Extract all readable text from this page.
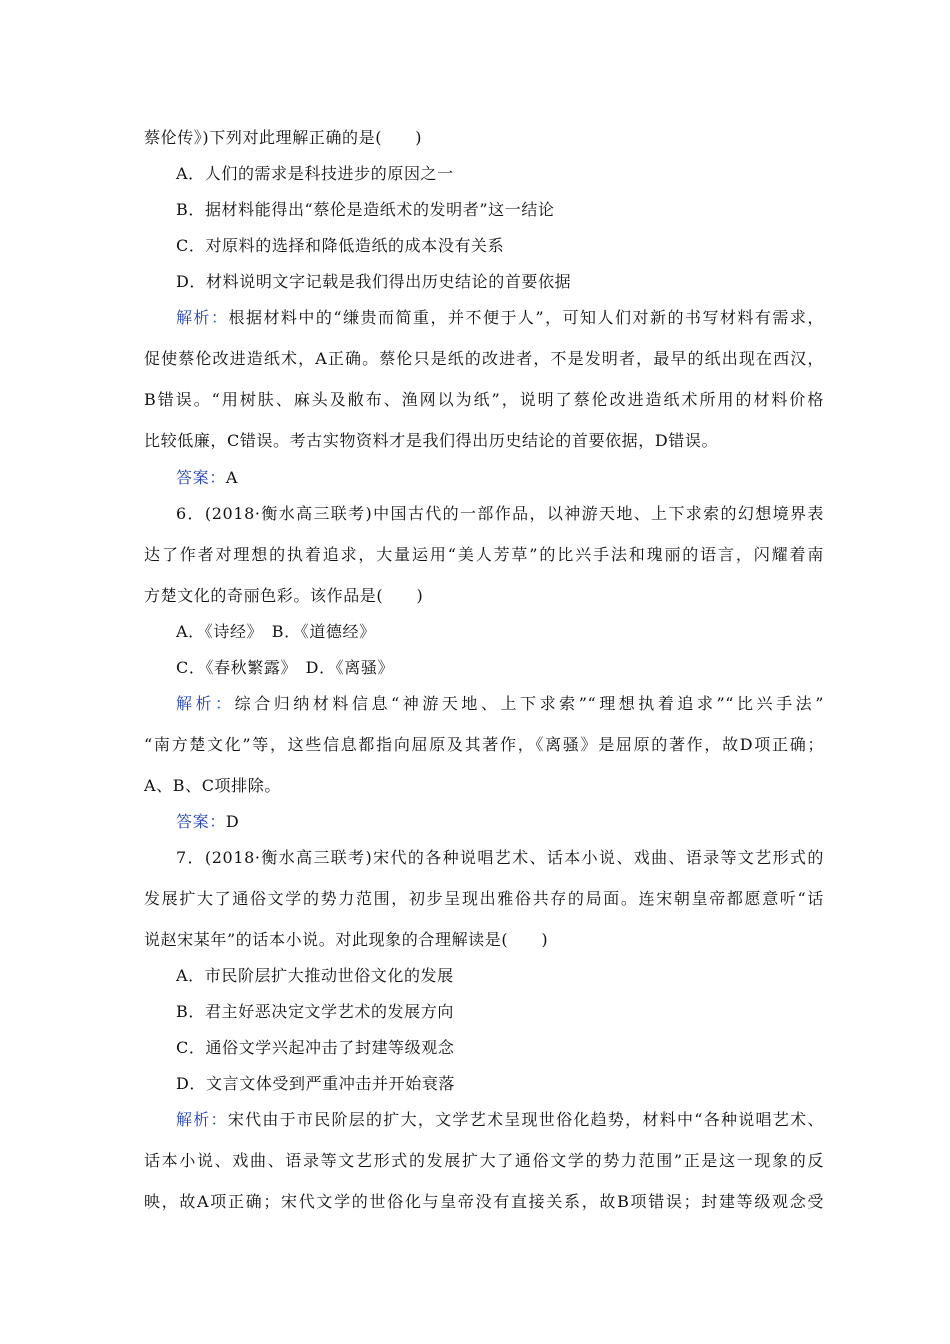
蔡伦传》)下列对此理解正确的是(　　)
A．人们的需求是科技进步的原因之一
B．据材料能得出“蔡伦是造纸术的发明者”这一结论
C．对原料的选择和降低造纸的成本没有关系
D．材料说明文字记载是我们得出历史结论的首要依据
解析：根据材料中的“缣贵而简重，并不便于人”，可知人们对新的书写材料有需求，
促使蔡伦改进造纸术，A正确。蔡伦只是纸的改进者，不是发明者，最早的纸出现在西汉，
B错误。“用树肤、麻头及敝布、渔网以为纸”，说明了蔡伦改进造纸术所用的材料价格
比较低廉，C错误。考古实物资料才是我们得出历史结论的首要依据，D错误。
答案：A
6．(2018·衡水高三联考)中国古代的一部作品，以神游天地、上下求索的幻想境界表
达了作者对理想的执着追求，大量运用“美人芳草”的比兴手法和瑰丽的语言，闪耀着南
方楚文化的奇丽色彩。该作品是(　　)
A．《诗经》　B．《道德经》
C．《春秋繁露》　D．《离骚》
解析：综合归纳材料信息“神游天地、上下求索”“理想执着追求”“比兴手法”
“南方楚文化”等，这些信息都指向屈原及其著作，《离骚》是屈原的著作，故D项正确；
A、B、C项排除。
答案：D
7．(2018·衡水高三联考)宋代的各种说唱艺术、话本小说、戏曲、语录等文艺形式的
发展扩大了通俗文学的势力范围，初步呈现出雅俗共存的局面。连宋朝皇帝都愿意听“话
说赵宋某年”的话本小说。对此现象的合理解读是(　　)
A．市民阶层扩大推动世俗文化的发展
B．君主好恶决定文学艺术的发展方向
C．通俗文学兴起冲击了封建等级观念
D．文言文体受到严重冲击并开始衰落
解析：宋代由于市民阶层的扩大，文学艺术呈现世俗化趋势，材料中“各种说唱艺术、
话本小说、戏曲、语录等文艺形式的发展扩大了通俗文学的势力范围”正是这一现象的反
映，故A项正确；宋代文学的世俗化与皇帝没有直接关系，故B项错误；封建等级观念受
